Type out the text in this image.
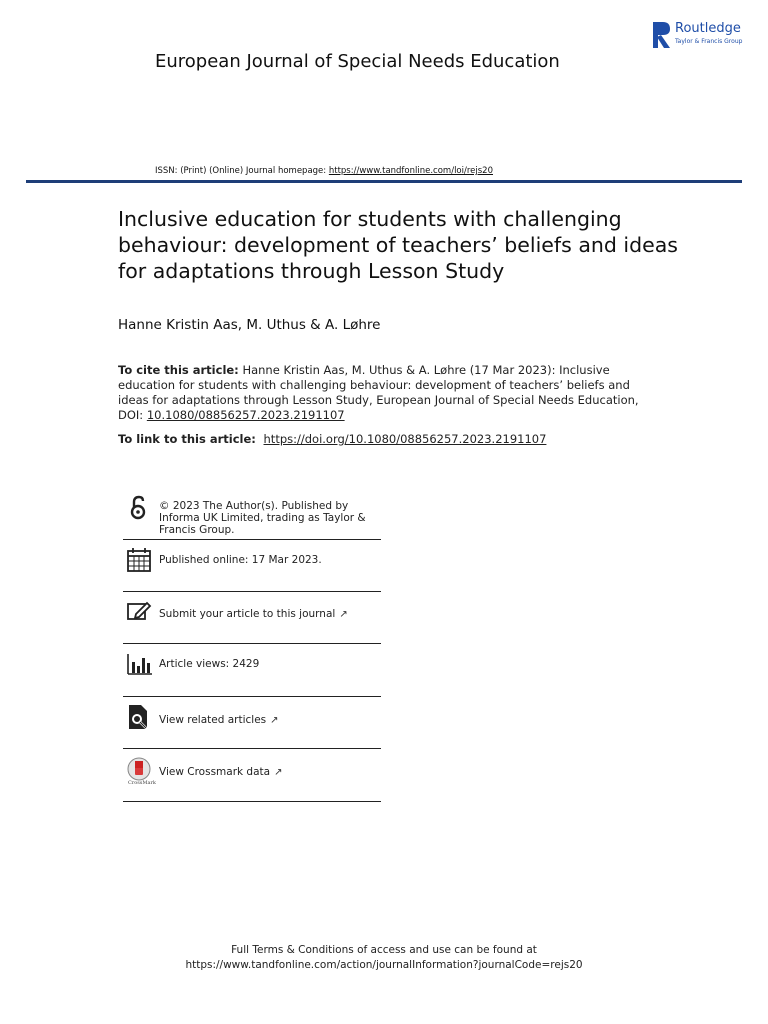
European Journal of Special Needs Education
Routledge
Taylor & Francis Group
ISSN: (Print) (Online) Journal homepage: https://www.tandfonline.com/loi/rejs20
Inclusive education for students with challenging behaviour: development of teachers’ beliefs and ideas for adaptations through Lesson Study
Hanne Kristin Aas, M. Uthus & A. Løhre
To cite this article: Hanne Kristin Aas, M. Uthus & A. Løhre (17 Mar 2023): Inclusive education for students with challenging behaviour: development of teachers’ beliefs and ideas for adaptations through Lesson Study, European Journal of Special Needs Education, DOI: 10.1080/08856257.2023.2191107
To link to this article: https://doi.org/10.1080/08856257.2023.2191107
© 2023 The Author(s). Published by Informa UK Limited, trading as Taylor & Francis Group.
Published online: 17 Mar 2023.
Submit your article to this journal ↗
Article views: 2429
View related articles ↗
CrossMark
View Crossmark data ↗
Full Terms & Conditions of access and use can be found at
https://www.tandfonline.com/action/journalInformation?journalCode=rejs20
